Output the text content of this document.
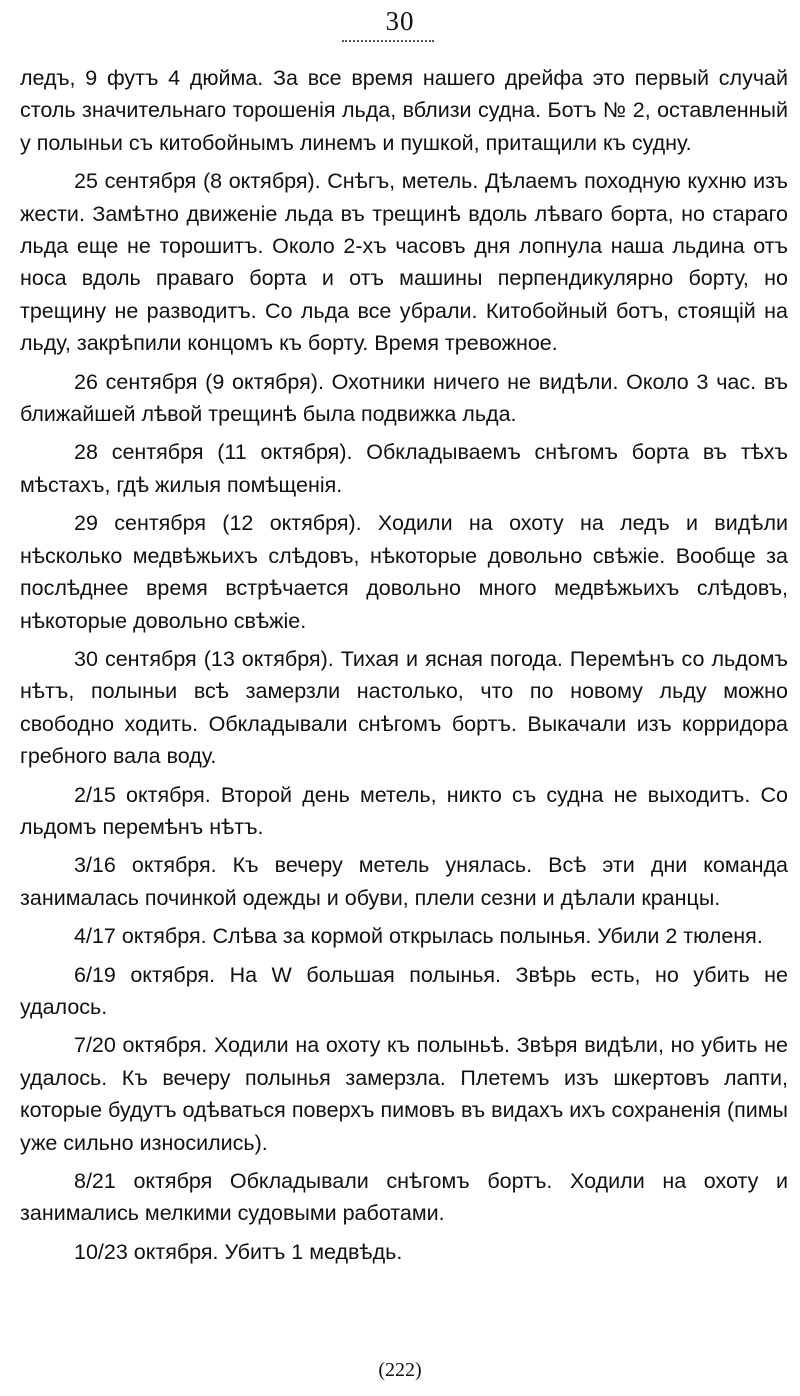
30

ледъ, 9 футъ 4 дюйма. За все время нашего дрейфа это первый случай столь значительнаго торошенія льда, вблизи судна. Ботъ № 2, оставленный у полыньи съ китобойнымъ линемъ и пушкой, притащили къ судну.

25 сентября (8 октября). Снѣгъ, метель. Дѣлаемъ походную кухню изъ жести. Замѣтно движеніе льда въ трещинѣ вдоль лѣваго борта, но стараго льда еще не торошитъ. Около 2-хъ часовъ дня лопнула наша льдина отъ носа вдоль праваго борта и отъ машины перпендикулярно борту, но трещину не разводитъ. Со льда все убрали. Китобойный ботъ, стоящій на льду, закрѣпили концомъ къ борту. Время тревожное.

26 сентября (9 октября). Охотники ничего не видѣли. Около 3 час. въ ближайшей лѣвой трещинѣ была подвижка льда.

28 сентября (11 октября). Обкладываемъ снѣгомъ борта въ тѣхъ мѣстахъ, гдѣ жилыя помѣщенія.

29 сентября (12 октября). Ходили на охоту на ледъ и видѣли нѣсколько медвѣжьихъ слѣдовъ, нѣкоторые довольно свѣжіе. Вообще за послѣднее время встрѣчается довольно много медвѣжьихъ слѣдовъ, нѣкоторые довольно свѣжіе.

30 сентября (13 октября). Тихая и ясная погода. Перемѣнъ со льдомъ нѣтъ, полыньи всѣ замерзли настолько, что по новому льду можно свободно ходить. Обкладывали снѣгомъ бортъ. Выкачали изъ корридора гребного вала воду.

2/15 октября. Второй день метель, никто съ судна не выходитъ. Со льдомъ перемѣнъ нѣтъ.

3/16 октября. Къ вечеру метель унялась. Всѣ эти дни команда занималась починкой одежды и обуви, плели сезни и дѣлали кранцы.

4/17 октября. Слѣва за кормой открылась полынья. Убили 2 тюленя.

6/19 октября. На W большая полынья. Звѣрь есть, но убить не удалось.

7/20 октября. Ходили на охоту къ полыньѣ. Звѣря видѣли, но убить не удалось. Къ вечеру полынья замерзла. Плетемъ изъ шкертовъ лапти, которые будутъ одѣваться поверхъ пимовъ въ видахъ ихъ сохраненія (пимы уже сильно износились).

8/21 октября Обкладывали снѣгомъ бортъ. Ходили на охоту и занимались мелкими судовыми работами.

10/23 октября. Убитъ 1 медвѣдь.

(222)
